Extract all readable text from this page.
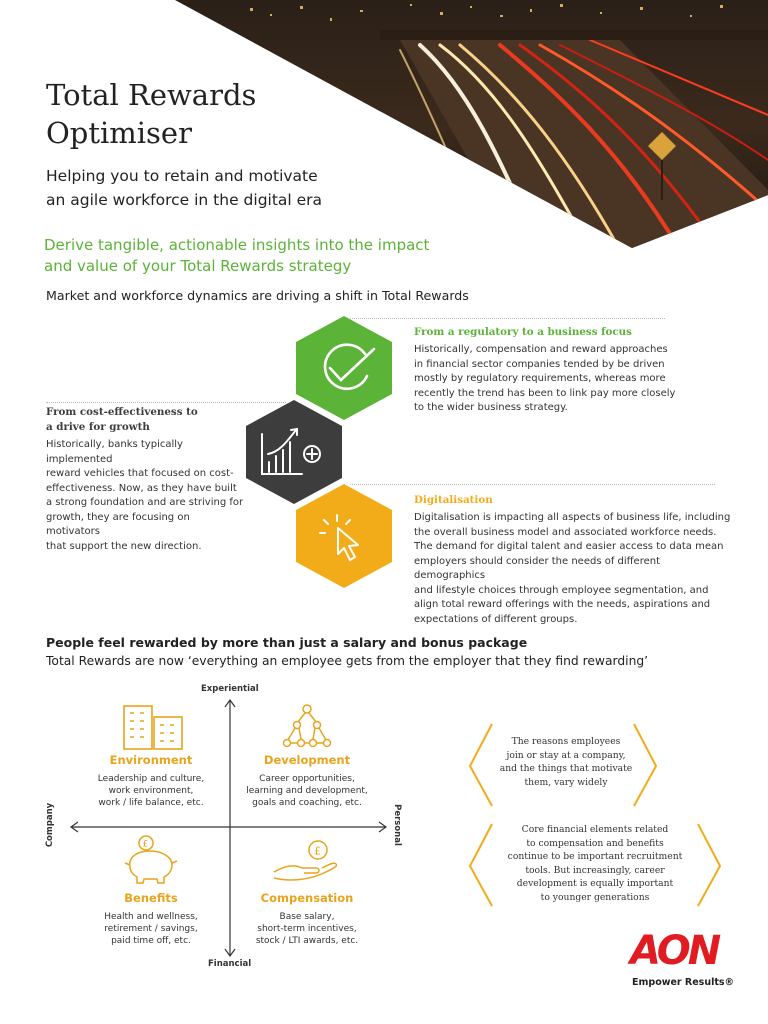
Total Rewards
Optimiser
Helping you to retain and motivate
an agile workforce in the digital era
Derive tangible, actionable insights into the impact
and value of your Total Rewards strategy
Market and workforce dynamics are driving a shift in Total Rewards
From a regulatory to a business focus
Historically, compensation and reward approaches
in financial sector companies tended by be driven
mostly by regulatory requirements, whereas more
recently the trend has been to link pay more closely
to the wider business strategy.
From cost-effectiveness to
a drive for growth
Historically, banks typically implemented
reward vehicles that focused on cost-
effectiveness. Now, as they have built
a strong foundation and are striving for
growth, they are focusing on motivators
that support the new direction.
Digitalisation
Digitalisation is impacting all aspects of business life, including
the overall business model and associated workforce needs.
The demand for digital talent and easier access to data mean
employers should consider the needs of different demographics
and lifestyle choices through employee segmentation, and
align total reward offerings with the needs, aspirations and
expectations of different groups.
People feel rewarded by more than just a salary and bonus package
Total Rewards are now ‘everything an employee gets from the employer that they find rewarding’
Experiential
Financial
Company	Personal
Environment
Leadership and culture,
work environment,
work / life balance, etc.
Development
Career opportunities,
learning and development,
goals and coaching, etc.
£
Benefits
Health and wellness,
retirement / savings,
paid time off, etc.
£
Compensation
Base salary,
short-term incentives,
stock / LTI awards, etc.
The reasons employees
join or stay at a company,
and the things that motivate
them, vary widely
Core financial elements related
to compensation and benefits
continue to be important recruitment
tools. But increasingly, career
development is equally important
to younger generations
AON
Empower Results®
